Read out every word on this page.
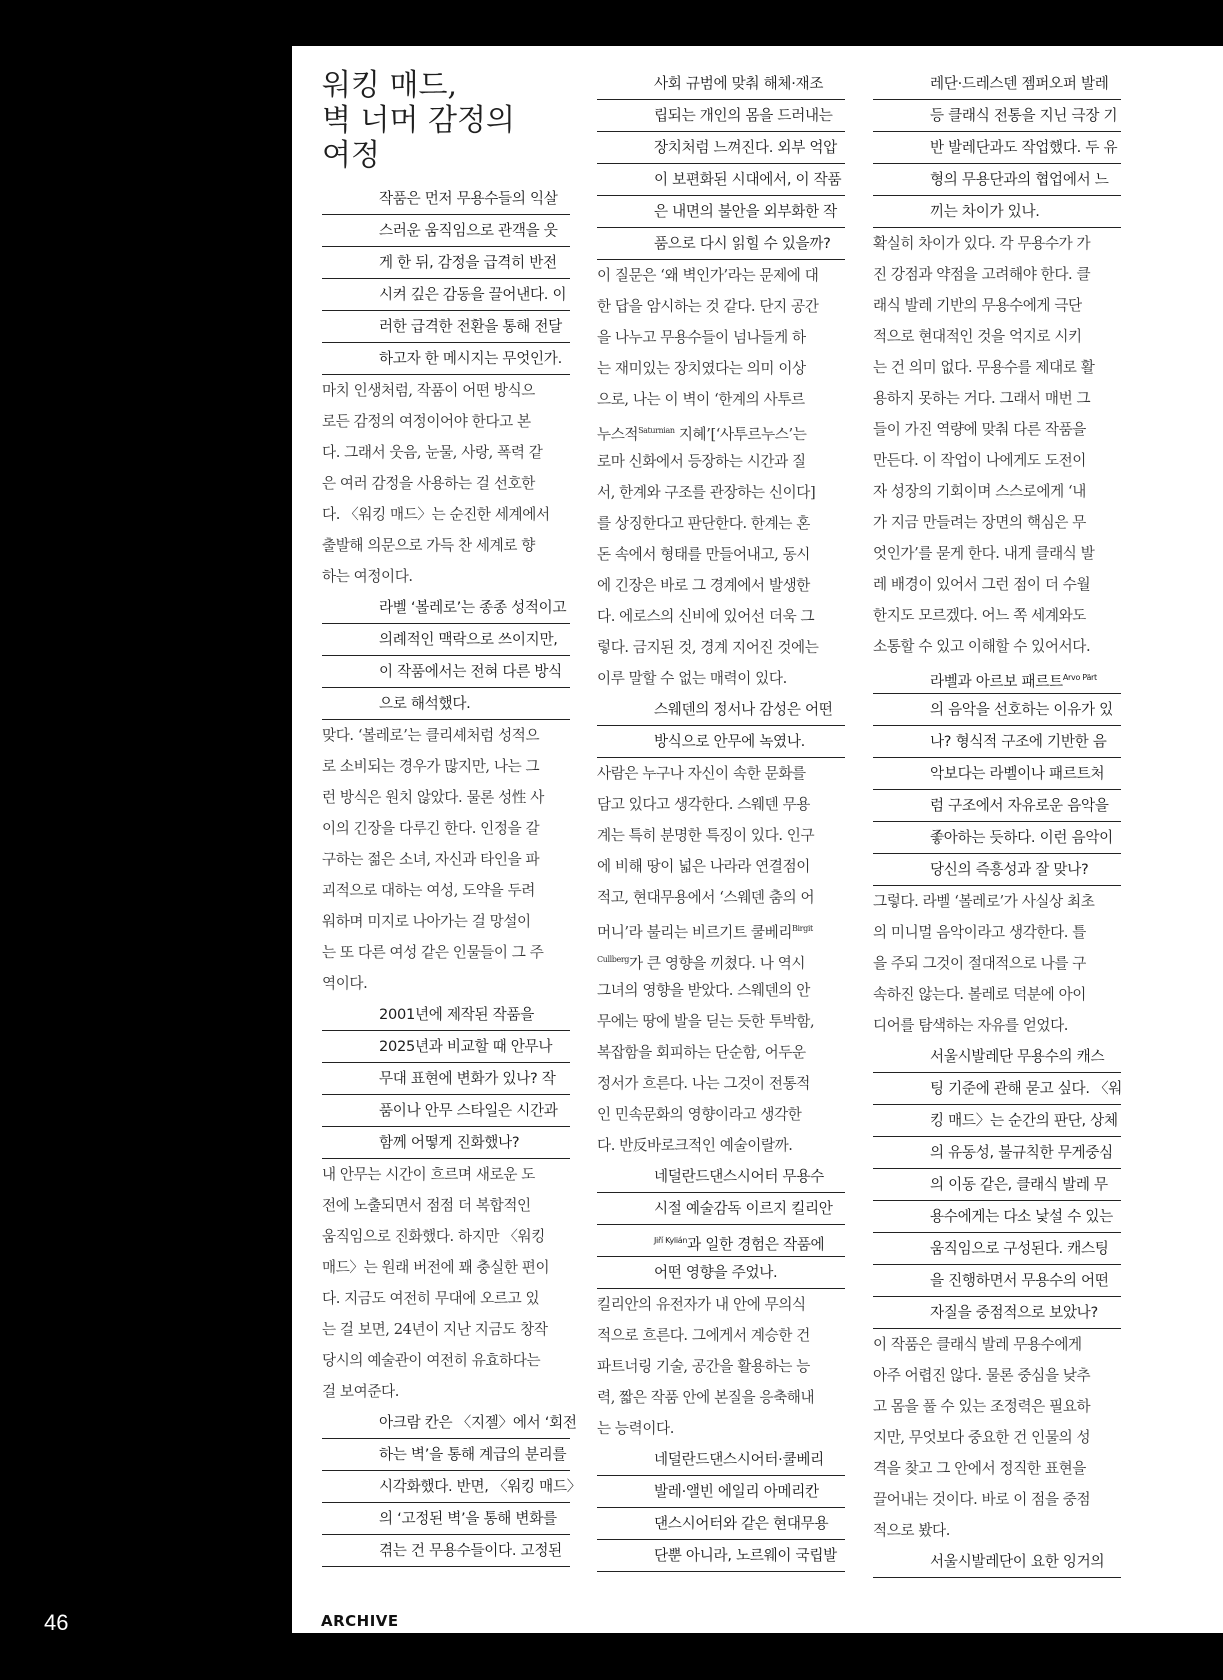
워킹 매드,
벽 너머 감정의
여정
작품은 먼저 무용수들의 익살
스러운 움직임으로 관객을 웃
게 한 뒤, 감정을 급격히 반전
시켜 깊은 감동을 끌어낸다. 이
러한 급격한 전환을 통해 전달
하고자 한 메시지는 무엇인가.
마치 인생처럼, 작품이 어떤 방식으
로든 감정의 여정이어야 한다고 본
다. 그래서 웃음, 눈물, 사랑, 폭력 같
은 여러 감정을 사용하는 걸 선호한
다. 〈워킹 매드〉는 순진한 세계에서
출발해 의문으로 가득 찬 세계로 향
하는 여정이다.
라벨 ‘볼레로’는 종종 성적이고
의례적인 맥락으로 쓰이지만,
이 작품에서는 전혀 다른 방식
으로 해석했다.
맞다. ‘볼레로’는 클리셰처럼 성적으
로 소비되는 경우가 많지만, 나는 그
런 방식은 원치 않았다. 물론 성性 사
이의 긴장을 다루긴 한다. 인정을 갈
구하는 젊은 소녀, 자신과 타인을 파
괴적으로 대하는 여성, 도약을 두려
워하며 미지로 나아가는 걸 망설이
는 또 다른 여성 같은 인물들이 그 주
역이다.
2001년에 제작된 작품을
2025년과 비교할 때 안무나
무대 표현에 변화가 있나? 작
품이나 안무 스타일은 시간과
함께 어떻게 진화했나?
내 안무는 시간이 흐르며 새로운 도
전에 노출되면서 점점 더 복합적인
움직임으로 진화했다. 하지만 〈워킹
매드〉는 원래 버전에 꽤 충실한 편이
다. 지금도 여전히 무대에 오르고 있
는 걸 보면, 24년이 지난 지금도 창작
당시의 예술관이 여전히 유효하다는
걸 보여준다.
아크람 칸은 〈지젤〉에서 ‘회전
하는 벽’을 통해 계급의 분리를
시각화했다. 반면, 〈워킹 매드〉
의 ‘고정된 벽’을 통해 변화를
겪는 건 무용수들이다. 고정된
사회 규범에 맞춰 해체·재조
립되는 개인의 몸을 드러내는
장치처럼 느껴진다. 외부 억압
이 보편화된 시대에서, 이 작품
은 내면의 불안을 외부화한 작
품으로 다시 읽힐 수 있을까?
이 질문은 ‘왜 벽인가’라는 문제에 대
한 답을 암시하는 것 같다. 단지 공간
을 나누고 무용수들이 넘나들게 하
는 재미있는 장치였다는 의미 이상
으로, 나는 이 벽이 ‘한계의 사투르
누스적$^{Saturnian}$ 지혜’[‘사투르누스’는
로마 신화에서 등장하는 시간과 질
서, 한계와 구조를 관장하는 신이다]
를 상징한다고 판단한다. 한계는 혼
돈 속에서 형태를 만들어내고, 동시
에 긴장은 바로 그 경계에서 발생한
다. 에로스의 신비에 있어선 더욱 그
렇다. 금지된 것, 경계 지어진 것에는
이루 말할 수 없는 매력이 있다.
스웨덴의 정서나 감성은 어떤
방식으로 안무에 녹였나.
사람은 누구나 자신이 속한 문화를
담고 있다고 생각한다. 스웨덴 무용
계는 특히 분명한 특징이 있다. 인구
에 비해 땅이 넓은 나라라 연결점이
적고, 현대무용에서 ‘스웨덴 춤의 어
머니’라 불리는 비르기트 쿨베리$^{Birgit}$
$^{Cullberg}$가 큰 영향을 끼쳤다. 나 역시
그녀의 영향을 받았다. 스웨덴의 안
무에는 땅에 발을 딛는 듯한 투박함,
복잡함을 회피하는 단순함, 어두운
정서가 흐른다. 나는 그것이 전통적
인 민속문화의 영향이라고 생각한
다. 반反바로크적인 예술이랄까.
네덜란드댄스시어터 무용수
시절 예술감독 이르지 킬리안
$^{Jiří Kylián}$과 일한 경험은 작품에
어떤 영향을 주었나.
킬리안의 유전자가 내 안에 무의식
적으로 흐른다. 그에게서 계승한 건
파트너링 기술, 공간을 활용하는 능
력, 짧은 작품 안에 본질을 응축해내
는 능력이다.
네덜란드댄스시어터·쿨베리
발레·앨빈 에일리 아메리칸
댄스시어터와 같은 현대무용
단뿐 아니라, 노르웨이 국립발
레단·드레스덴 젬퍼오퍼 발레
등 클래식 전통을 지닌 극장 기
반 발레단과도 작업했다. 두 유
형의 무용단과의 협업에서 느
끼는 차이가 있나.
확실히 차이가 있다. 각 무용수가 가
진 강점과 약점을 고려해야 한다. 클
래식 발레 기반의 무용수에게 극단
적으로 현대적인 것을 억지로 시키
는 건 의미 없다. 무용수를 제대로 활
용하지 못하는 거다. 그래서 매번 그
들이 가진 역량에 맞춰 다른 작품을
만든다. 이 작업이 나에게도 도전이
자 성장의 기회이며 스스로에게 ‘내
가 지금 만들려는 장면의 핵심은 무
엇인가’를 묻게 한다. 내게 클래식 발
레 배경이 있어서 그런 점이 더 수월
한지도 모르겠다. 어느 쪽 세계와도
소통할 수 있고 이해할 수 있어서다.
라벨과 아르보 패르트$^{Arvo Pärt}$
의 음악을 선호하는 이유가 있
나? 형식적 구조에 기반한 음
악보다는 라벨이나 패르트처
럼 구조에서 자유로운 음악을
좋아하는 듯하다. 이런 음악이
당신의 즉흥성과 잘 맞나?
그렇다. 라벨 ‘볼레로’가 사실상 최초
의 미니멀 음악이라고 생각한다. 틀
을 주되 그것이 절대적으로 나를 구
속하진 않는다. 볼레로 덕분에 아이
디어를 탐색하는 자유를 얻었다.
서울시발레단 무용수의 캐스
팅 기준에 관해 묻고 싶다. 〈워
킹 매드〉는 순간의 판단, 상체
의 유동성, 불규칙한 무게중심
의 이동 같은, 클래식 발레 무
용수에게는 다소 낯설 수 있는
움직임으로 구성된다. 캐스팅
을 진행하면서 무용수의 어떤
자질을 중점적으로 보았나?
이 작품은 클래식 발레 무용수에게
아주 어렵진 않다. 물론 중심을 낮추
고 몸을 풀 수 있는 조정력은 필요하
지만, 무엇보다 중요한 건 인물의 성
격을 찾고 그 안에서 정직한 표현을
끌어내는 것이다. 바로 이 점을 중점
적으로 봤다.
서울시발레단이 요한 잉거의
46	ARCHIVE
